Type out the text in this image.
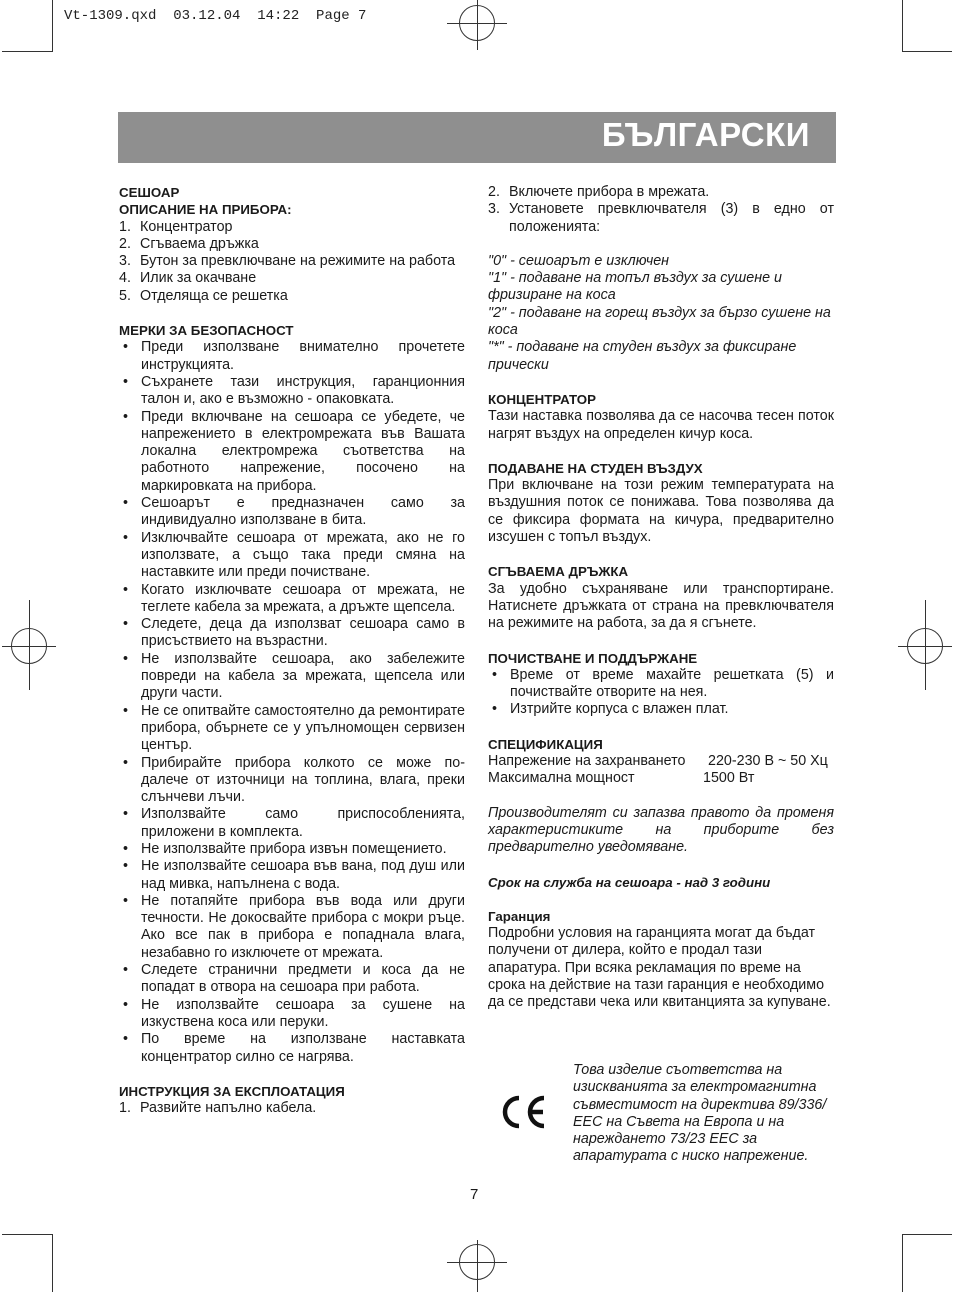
Vt-1309.qxd  03.12.04  14:22  Page 7
БЪЛГАРСКИ
СЕШОАР
ОПИСАНИЕ НА ПРИБОРА:
1. Концентратор
2. Сгъваема дръжка
3. Бутон за превключване на режимите на работа
4. Илик за окачване
5. Отделяща се решетка
МЕРКИ ЗА БЕЗОПАСНОСТ
• Преди използване внимателно прочетете инструкцията.
• Съхранете тази инструкция, гаранционния талон и, ако е възможно - опаковката.
• Преди включване на сешоара се убедете, че напрежението в електромрежата във Вашата локална електромрежа съответства на работното напрежение, посочено на маркировката на прибора.
• Сешоарът е предназначен само за индивидуално използване в бита.
• Изключвайте сешоара от мрежата, ако не го използвате, а също така преди смяна на наставките или преди почистване.
• Когато изключвате сешоара от мрежата, не теглете кабела за мрежата, а дръжте щепсела.
• Следете, деца да използват сешоара само в присъствието на възрастни.
• Не използвайте сешоара, ако забележите повреди на кабела за мрежата, щепсела или други части.
• Не се опитвайте самостоятелно да ремонтирате прибора, обърнете се у упълномощен сервизен център.
• Прибирайте прибора колкото се може по-далече от източници на топлина, влага, преки слънчеви лъчи.
• Използвайте само приспособленията, приложени в комплекта.
• Не използвайте прибора извън помещението.
• Не използвайте сешоара във вана, под душ или над мивка, напълнена с вода.
• Не потапяйте прибора във вода или други течности. Не докосвайте прибора с мокри ръце. Ако все пак в прибора е попаднала влага, незабавно го изключете от мрежата.
• Следете странични предмети и коса да не попадат в отвора на сешоара при работа.
• Не използвайте сешоара за сушене на изкуствена коса или перуки.
• По време на използване наставката концентратор силно се нагрява.
ИНСТРУКЦИЯ ЗА ЕКСПЛОАТАЦИЯ
1. Развийте напълно кабела.
2. Включете прибора в мрежата.
3. Установете превключвателя (3) в едно от положенията:
"0" - сешоарът е изключен
"1" - подаване на топъл въздух за сушене и фризиране на коса
"2" - подаване на горещ въздух за бързо сушене на коса
"*" - подаване на студен въздух за фиксиране прически
КОНЦЕНТРАТОР

Тази наставка позволява да се насочва тесен поток нагрят въздух на определен кичур коса.

ПОДАВАНЕ НА СТУДЕН ВЪЗДУХ

При включване на този режим температурата на въздушния поток се понижава. Това позволява да се фиксира формата на кичура, предварително изсушен с топъл въздух.

СГЪВАЕМА ДРЪЖКА

За удобно съхраняване или транспортиране. Натиснете дръжката от страна на превключвателя на режимите на работа, за да я сгънете.

ПОЧИСТВАНЕ И ПОДДЪРЖАНЕ
• Време от време махайте решетката (5) и почиствайте отворите на нея.
• Изтрийте корпуса с влажен плат.
СПЕЦИФИКАЦИЯ
Напрежение на захранването	220-230 В ~ 50 Хц
Максимална мощност	1500 Вт

Производителят си запазва правото да променя характеристиките на приборите без предварително уведомяване.

Срок на служба на сешоара - над 3 години

Гаранция

Подробни условия на гаранцията могат да бъдат получени от дилера, който е продал тази апаратура. При всяка рекламация по време на срока на действие на тази гаранция е необходимо да се представи чека или квитанцията за купуване.

Това изделие съответства на изискванията за електромагнитна съвместимост на директива 89/336/ЕЕС на Съвета на Европа и на нареждането 73/23 ЕЕС за апаратурата с ниско напрежение.
7
